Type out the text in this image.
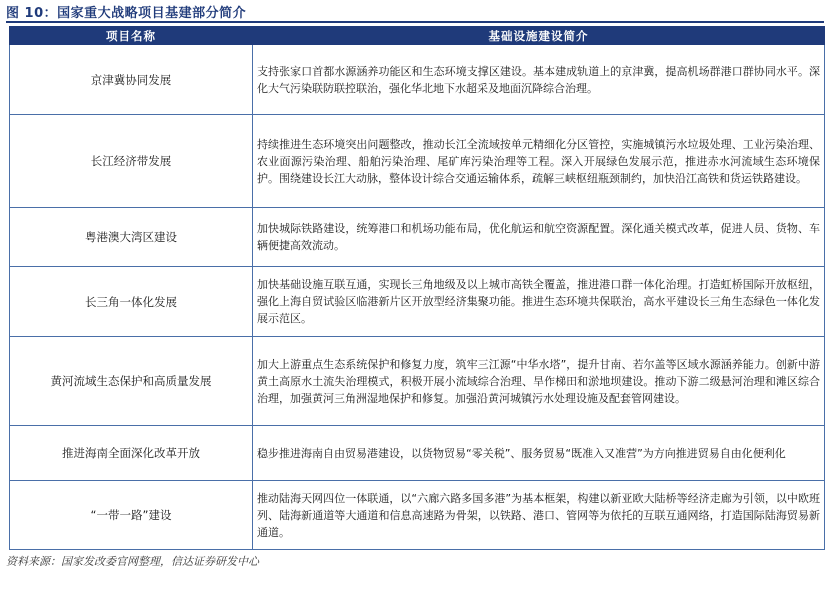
图 10：国家重大战略项目基建部分简介
项目名称	基础设施建设简介
京津冀协同发展	支持张家口首都水源涵养功能区和生态环境支撑区建设。基本建成轨道上的京津冀，提高机场群港口群协同水平。深化大气污染联防联控联治，强化华北地下水超采及地面沉降综合治理。
长江经济带发展	持续推进生态环境突出问题整改，推动长江全流域按单元精细化分区管控，实施城镇污水垃圾处理、工业污染治理、农业面源污染治理、船舶污染治理、尾矿库污染治理等工程。深入开展绿色发展示范，推进赤水河流域生态环境保护。围绕建设长江大动脉，整体设计综合交通运输体系，疏解三峡枢纽瓶颈制约，加快沿江高铁和货运铁路建设。
粤港澳大湾区建设	加快城际铁路建设，统筹港口和机场功能布局，优化航运和航空资源配置。深化通关模式改革，促进人员、货物、车辆便捷高效流动。
长三角一体化发展	加快基础设施互联互通，实现长三角地级及以上城市高铁全覆盖，推进港口群一体化治理。打造虹桥国际开放枢纽，强化上海自贸试验区临港新片区开放型经济集聚功能。推进生态环境共保联治，高水平建设长三角生态绿色一体化发展示范区。
黄河流域生态保护和高质量发展	加大上游重点生态系统保护和修复力度，筑牢三江源“中华水塔”，提升甘南、若尔盖等区域水源涵养能力。创新中游黄土高原水土流失治理模式，积极开展小流域综合治理、旱作梯田和淤地坝建设。推动下游二级悬河治理和滩区综合治理，加强黄河三角洲湿地保护和修复。加强沿黄河城镇污水处理设施及配套管网建设。
推进海南全面深化改革开放	稳步推进海南自由贸易港建设，以货物贸易“零关税”、服务贸易“既准入又准营”为方向推进贸易自由化便利化
“一带一路”建设	推动陆海天网四位一体联通，以“六廊六路多国多港”为基本框架，构建以新亚欧大陆桥等经济走廊为引领，以中欧班列、陆海新通道等大通道和信息高速路为骨架，以铁路、港口、管网等为依托的互联互通网络，打造国际陆海贸易新通道。
资料来源：国家发改委官网整理，信达证券研发中心
